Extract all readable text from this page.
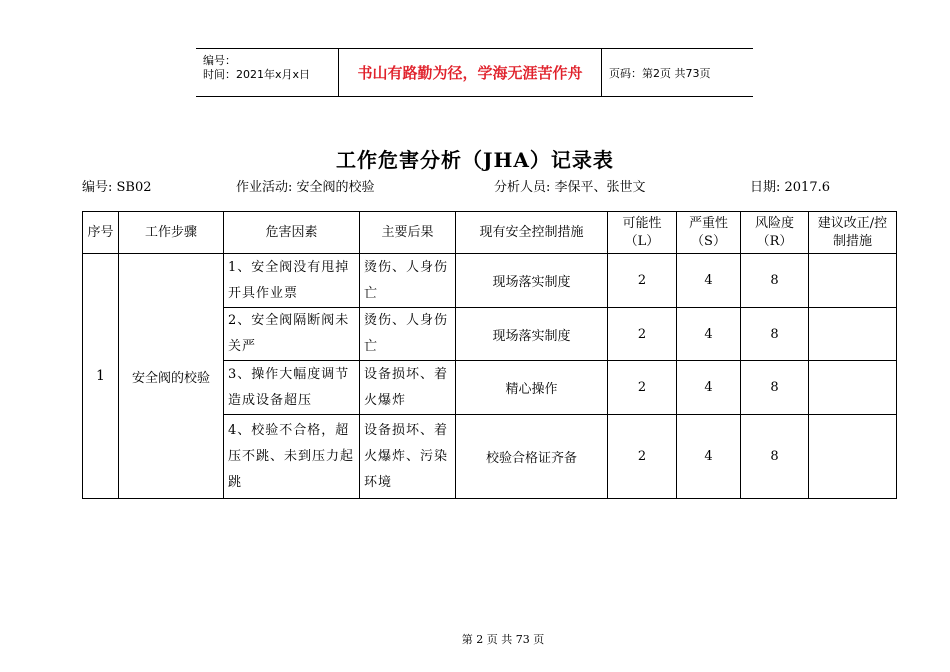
编号：
时间：2021年x月x日	书山有路勤为径，学海无涯苦作舟	页码：第2页 共73页
工作危害分析（JHA）记录表
编号: SB02	作业活动: 安全阀的校验	分析人员: 李保平、张世文	日期: 2017.6
序号	工作步骤	危害因素	主要后果	现有安全控制措施	可能性（L）	严重性（S）	风险度（R）	建议改正/控制措施
1	安全阀的校验	1、安全阀没有甩掉开具作业票	烫伤、人身伤亡	现场落实制度	2	4	8	
		2、安全阀隔断阀未关严	烫伤、人身伤亡	现场落实制度	2	4	8	
		3、操作大幅度调节造成设备超压	设备损坏、着火爆炸	精心操作	2	4	8	
		4、校验不合格，超压不跳、未到压力起跳	设备损坏、着火爆炸、污染环境	校验合格证齐备	2	4	8	
第 2 页 共 73 页
